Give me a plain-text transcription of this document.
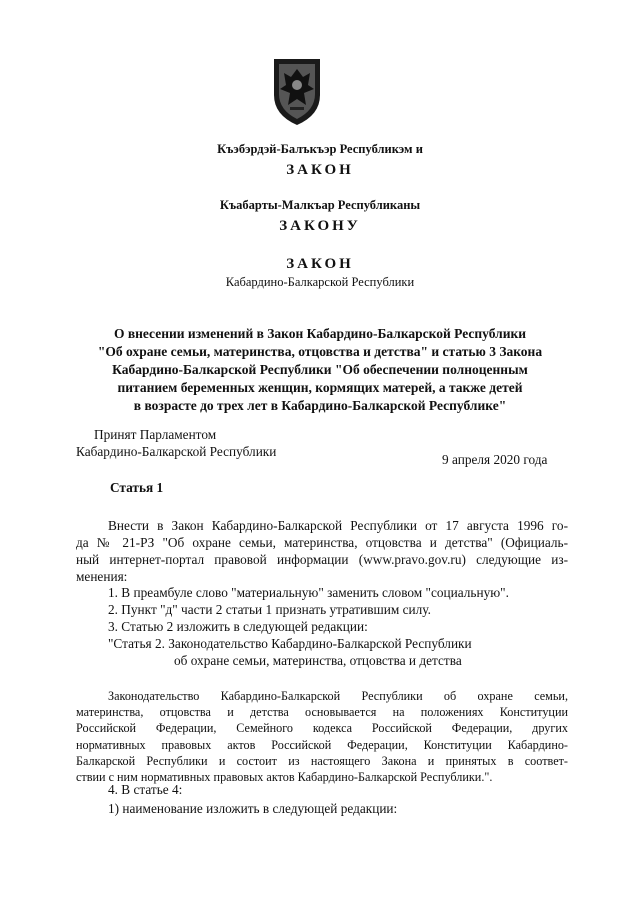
Къэбэрдэй-Балъкъэр Республикэм и
ЗАКОН
Къабарты-Малкъар Республиканы
ЗАКОНУ
ЗАКОН
Кабардино-Балкарской Республики
О внесении изменений в Закон Кабардино-Балкарской Республики
"Об охране семьи, материнства, отцовства и детства" и статью 3 Закона
Кабардино-Балкарской Республики "Об обеспечении полноценным
питанием беременных женщин, кормящих матерей, а также детей
в возрасте до трех лет в Кабардино-Балкарской Республике"
Принят Парламентом
Кабардино-Балкарской Республики
9 апреля 2020 года
Статья 1
Внести в Закон Кабардино-Балкарской Республики от 17 августа 1996 го-
да № 21-РЗ "Об охране семьи, материнства, отцовства и детства" (Официаль-
ный интернет-портал правовой информации (www.pravo.gov.ru) следующие из-
менения:
1. В преамбуле слово "материальную" заменить словом "социальную".
2. Пункт "д" части 2 статьи 1 признать утратившим силу.
3. Статью 2 изложить в следующей редакции:
"Статья 2. Законодательство Кабардино-Балкарской Республики
об охране семьи, материнства, отцовства и детства
Законодательство Кабардино-Балкарской Республики об охране семьи,
материнства, отцовства и детства основывается на положениях Конституции
Российской Федерации, Семейного кодекса Российской Федерации, других
нормативных правовых актов Российской Федерации, Конституции Кабардино-
Балкарской Республики и состоит из настоящего Закона и принятых в соответ-
ствии с ним нормативных правовых актов Кабардино-Балкарской Республики.".
4. В статье 4:
1) наименование изложить в следующей редакции:
